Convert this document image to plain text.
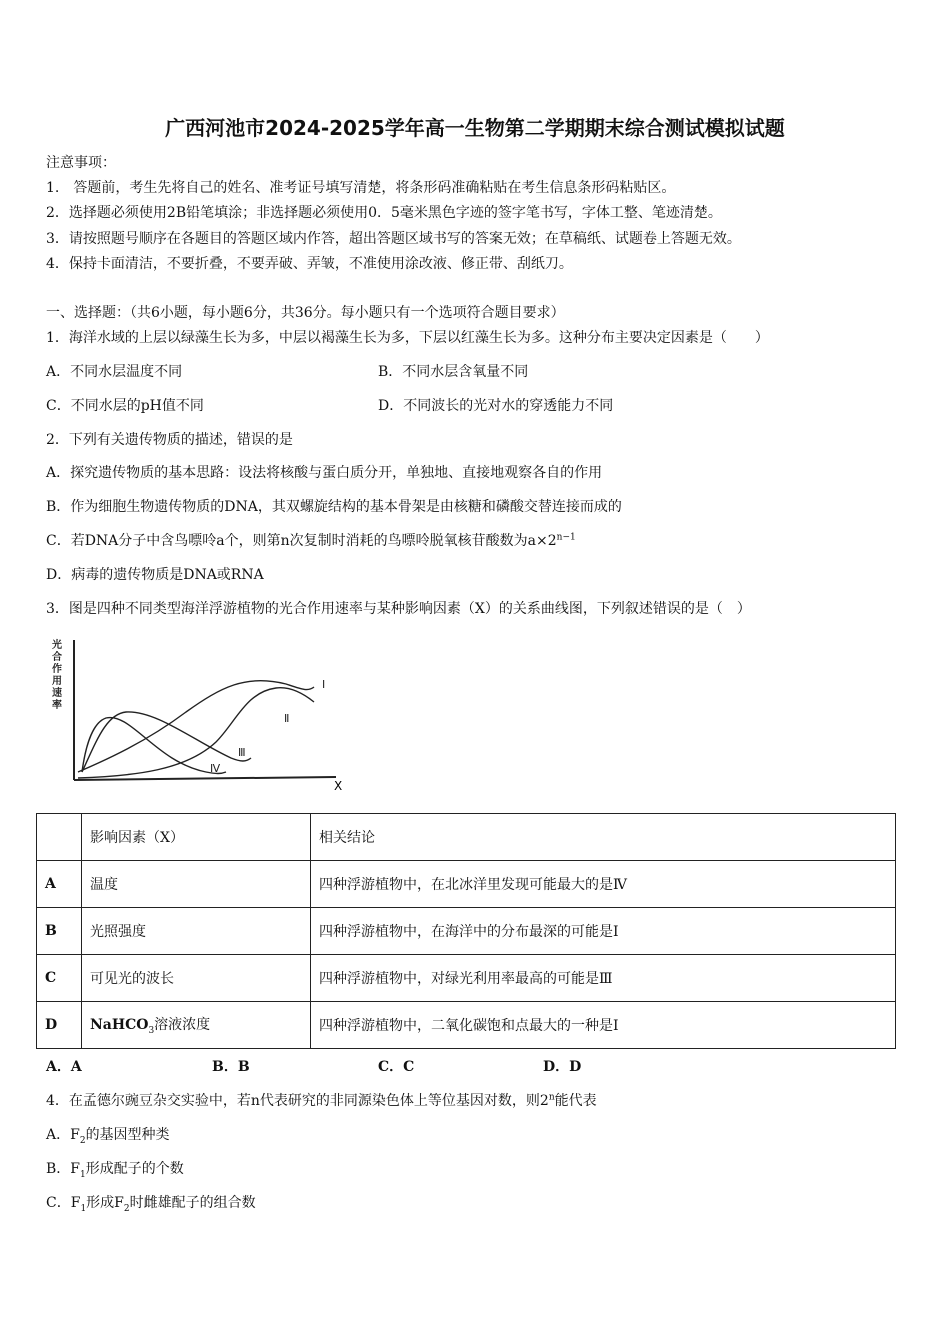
广西河池市2024-2025学年高一生物第二学期期末综合测试模拟试题
注意事项：
1.　答题前，考生先将自己的姓名、准考证号填写清楚，将条形码准确粘贴在考生信息条形码粘贴区。
2．选择题必须使用2B铅笔填涂；非选择题必须使用0．5毫米黑色字迹的签字笔书写，字体工整、笔迹清楚。
3．请按照题号顺序在各题目的答题区域内作答，超出答题区域书写的答案无效；在草稿纸、试题卷上答题无效。
4．保持卡面清洁，不要折叠，不要弄破、弄皱，不准使用涂改液、修正带、刮纸刀。
一、选择题：（共6小题，每小题6分，共36分。每小题只有一个选项符合题目要求）
1．海洋水域的上层以绿藻生长为多，中层以褐藻生长为多，下层以红藻生长为多。这种分布主要决定因素是（　　）
A．不同水层温度不同	B．不同水层含氧量不同
C．不同水层的pH值不同	D．不同波长的光对水的穿透能力不同
2．下列有关遗传物质的描述，错误的是
A．探究遗传物质的基本思路：设法将核酸与蛋白质分开，单独地、直接地观察各自的作用
B．作为细胞生物遗传物质的DNA，其双螺旋结构的基本骨架是由核糖和磷酸交替连接而成的
C．若DNA分子中含鸟嘌呤a个，则第n次复制时消耗的鸟嘌呤脱氧核苷酸数为$a\times 2^{n-1}$
D．病毒的遗传物质是DNA或RNA
3．图是四种不同类型海洋浮游植物的光合作用速率与某种影响因素（X）的关系曲线图，下列叙述错误的是（　）
光
合
作
用
速
率
X
Ⅰ
Ⅱ
Ⅲ
Ⅳ
	影响因素（X）	相关结论
A	温度	四种浮游植物中，在北冰洋里发现可能最大的是Ⅳ
B	光照强度	四种浮游植物中，在海洋中的分布最深的可能是Ⅰ
C	可见光的波长	四种浮游植物中，对绿光利用率最高的可能是Ⅲ
D	NaHCO$_3$溶液浓度	四种浮游植物中，二氧化碳饱和点最大的一种是Ⅰ
A．A	B．B	C．C	D．D
4．在孟德尔豌豆杂交实验中，若n代表研究的非同源染色体上等位基因对数，则2$^n$能代表
A．$F_2$的基因型种类
B．$F_1$形成配子的个数
C．$F_1$形成$F_2$时雌雄配子的组合数
